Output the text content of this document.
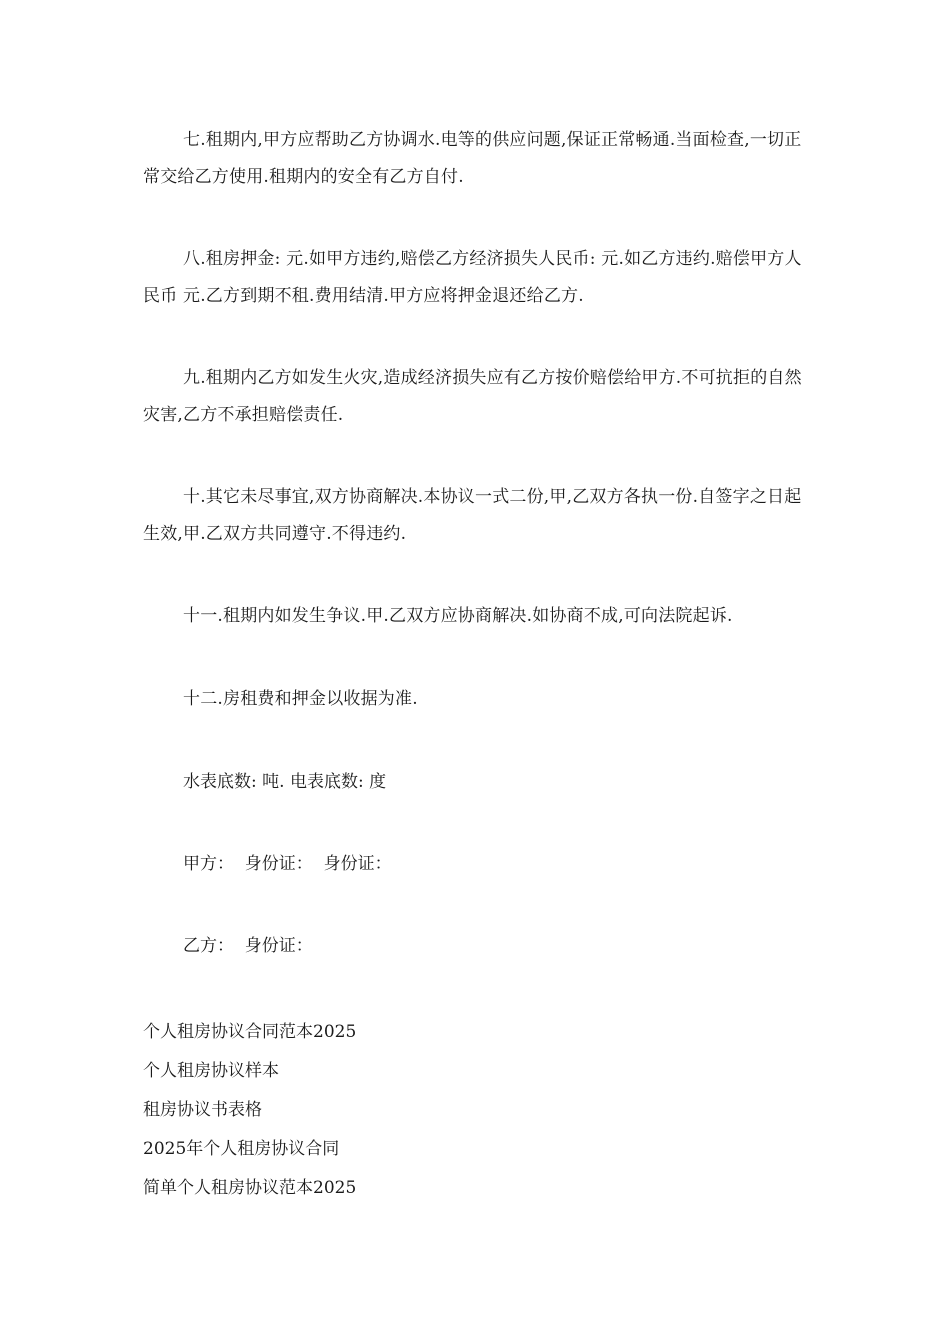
七.租期内,甲方应帮助乙方协调水.电等的供应问题,保证正常畅通.当面检查,一切正常交给乙方使用.租期内的安全有乙方自付.

八.租房押金: 元.如甲方违约,赔偿乙方经济损失人民币: 元.如乙方违约.赔偿甲方人民币 元.乙方到期不租.费用结清.甲方应将押金退还给乙方.

九.租期内乙方如发生火灾,造成经济损失应有乙方按价赔偿给甲方.不可抗拒的自然灾害,乙方不承担赔偿责任.

十.其它未尽事宜,双方协商解决.本协议一式二份,甲,乙双方各执一份.自签字之日起生效,甲.乙双方共同遵守.不得违约.

十一.租期内如发生争议.甲.乙双方应协商解决.如协商不成,可向法院起诉.

十二.房租费和押金以收据为准.

水表底数: 吨. 电表底数: 度

甲方：  身份证：  身份证：

乙方：  身份证：

个人租房协议合同范本2025

个人租房协议样本

租房协议书表格

2025年个人租房协议合同

简单个人租房协议范本2025
